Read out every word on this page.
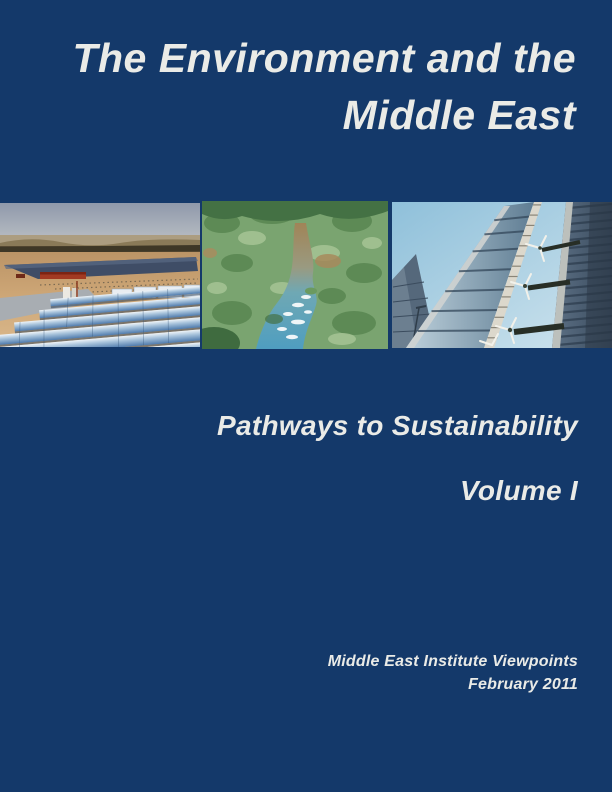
The Environment and the
Middle East
Pathways to Sustainability
Volume I
Middle East Institute Viewpoints
February 2011
